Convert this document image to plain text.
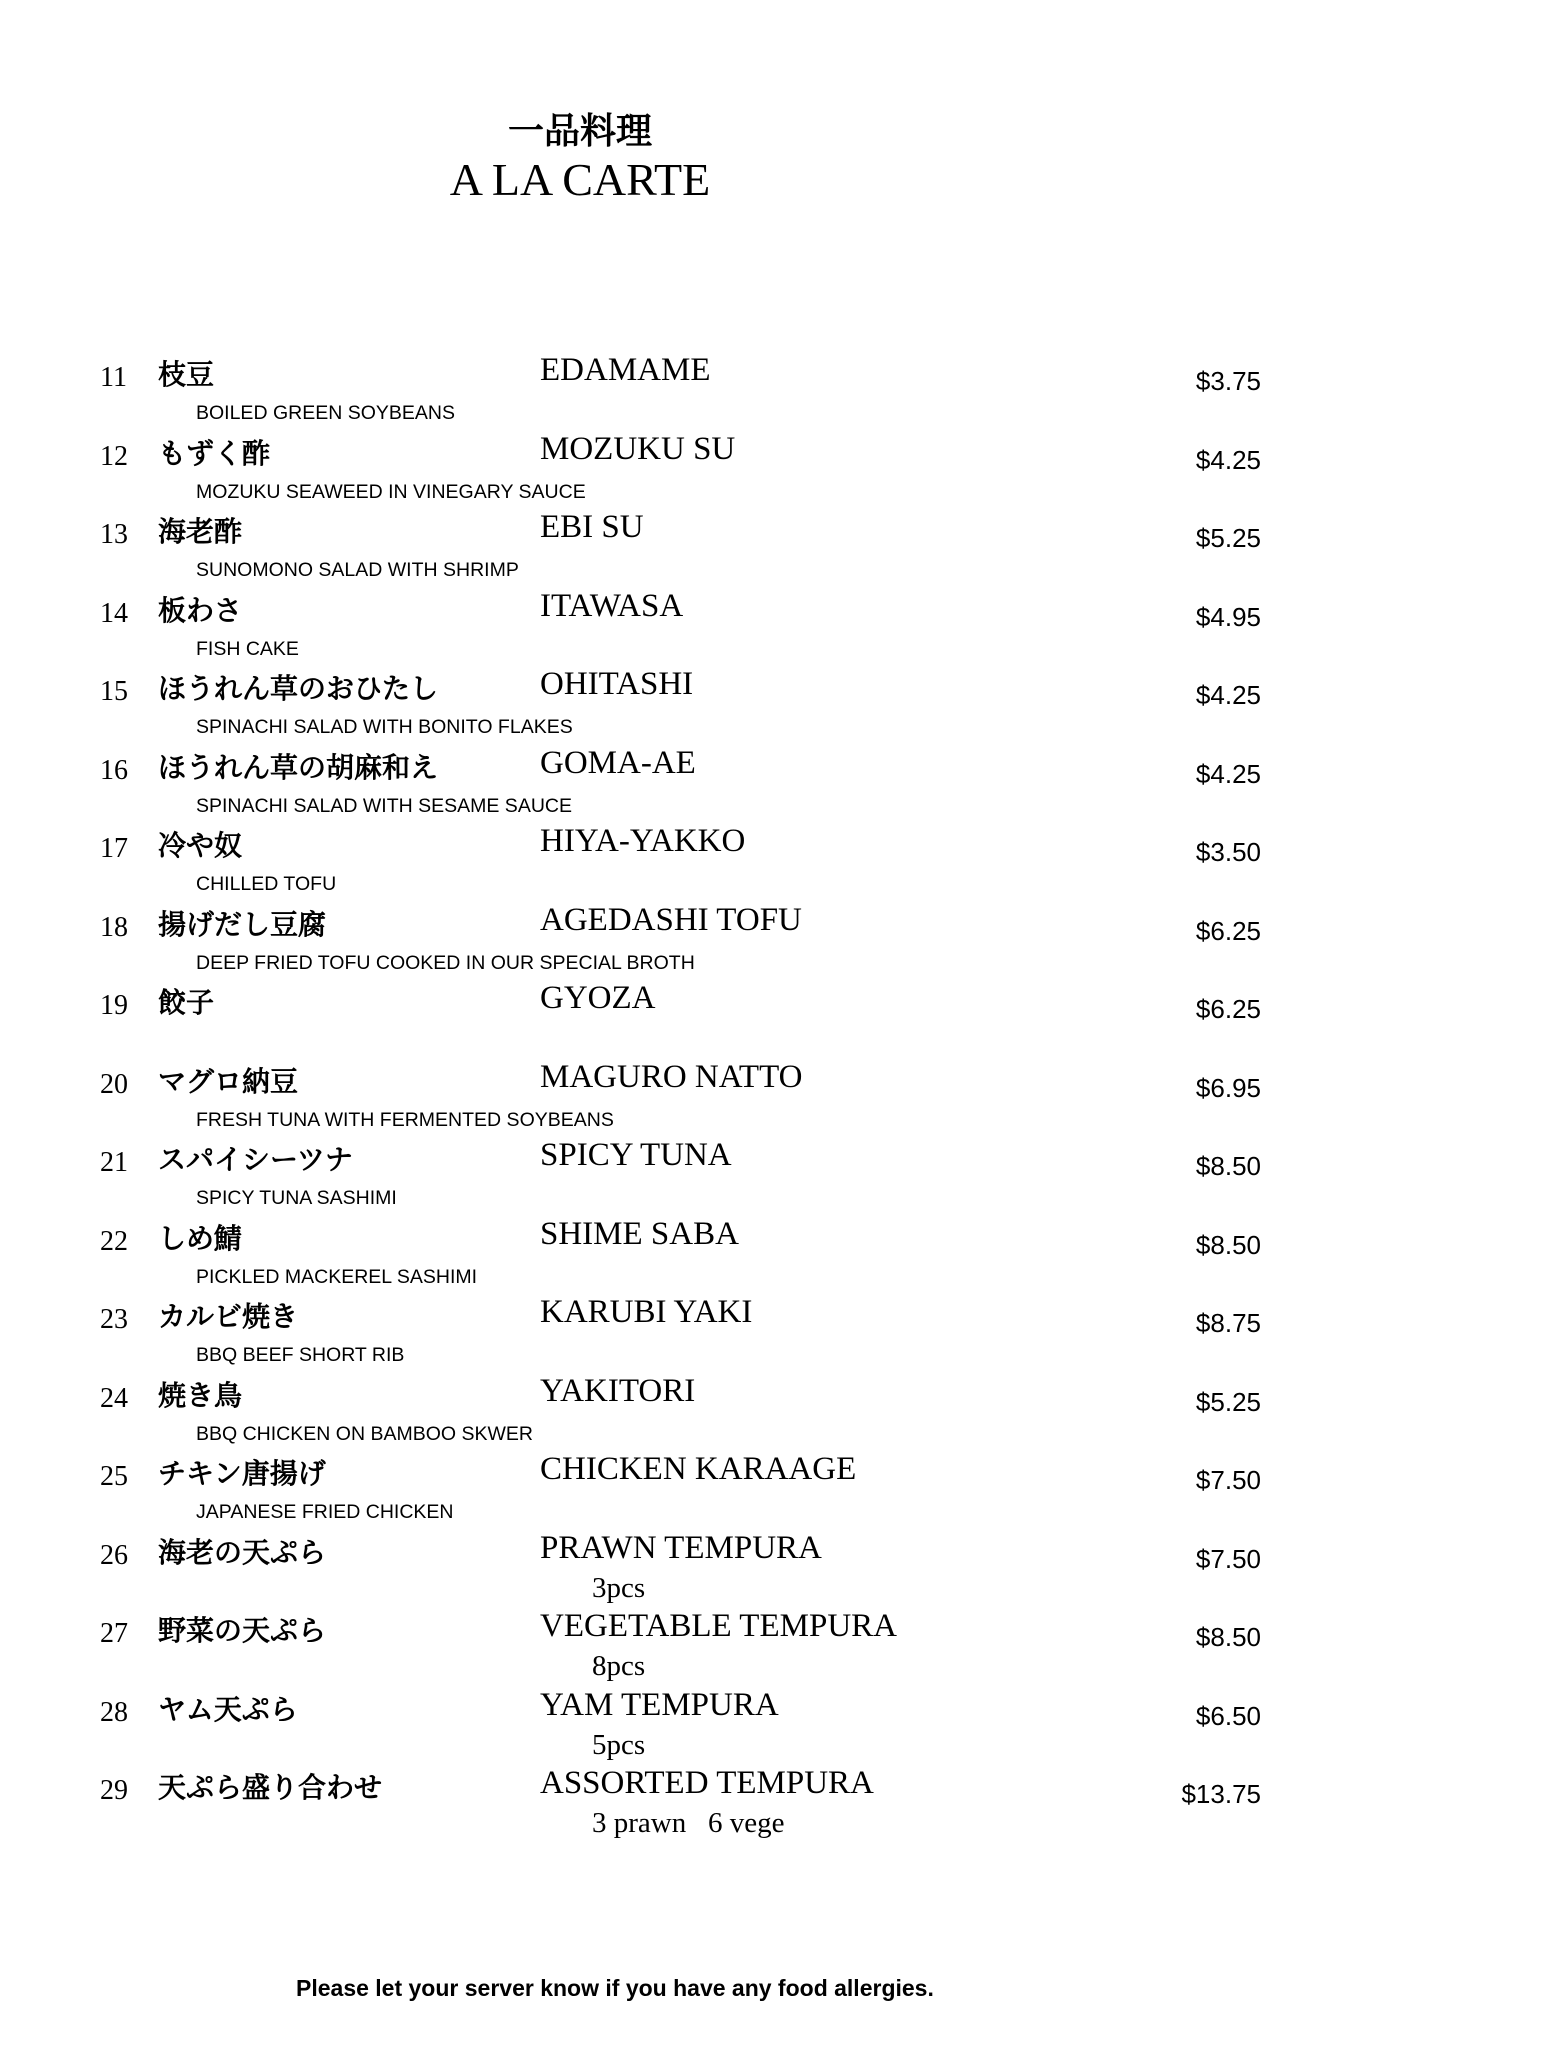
一品料理
A LA CARTE
11 枝豆	EDAMAME
BOILED GREEN SOYBEANS
$3.75
12 もずく酢	MOZUKU SU
MOZUKU SEAWEED IN VINEGARY SAUCE
$4.25
13 海老酢	EBI SU
SUNOMONO SALAD WITH SHRIMP
$5.25
14 板わさ	ITAWASA
FISH CAKE
$4.95
15 ほうれん草のおひたし	OHITASHI
SPINACHI SALAD WITH BONITO FLAKES
$4.25
16 ほうれん草の胡麻和え	GOMA-AE
SPINACHI SALAD WITH SESAME SAUCE
$4.25
17 冷や奴	HIYA-YAKKO
CHILLED TOFU
$3.50
18 揚げだし豆腐	AGEDASHI TOFU
DEEP FRIED TOFU COOKED IN OUR SPECIAL BROTH
$6.25
19 餃子	GYOZA	$6.25
20 マグロ納豆	MAGURO NATTO
FRESH TUNA WITH FERMENTED SOYBEANS
$6.95
21 スパイシーツナ	SPICY TUNA
SPICY TUNA SASHIMI
$8.50
22 しめ鯖	SHIME SABA
PICKLED MACKEREL SASHIMI
$8.50
23 カルビ焼き	KARUBI YAKI
BBQ BEEF SHORT RIB
$8.75
24 焼き鳥	YAKITORI
BBQ CHICKEN ON BAMBOO SKWER
$5.25
25 チキン唐揚げ	CHICKEN KARAAGE
JAPANESE FRIED CHICKEN
$7.50
26 海老の天ぷら	PRAWN TEMPURA
3pcs
$7.50
27 野菜の天ぷら	VEGETABLE TEMPURA
8pcs
$8.50
28 ヤム天ぷら	YAM TEMPURA
5pcs
$6.50
29 天ぷら盛り合わせ	ASSORTED TEMPURA
3 prawn   6 vege
$13.75
Please let your server know if you have any food allergies.
